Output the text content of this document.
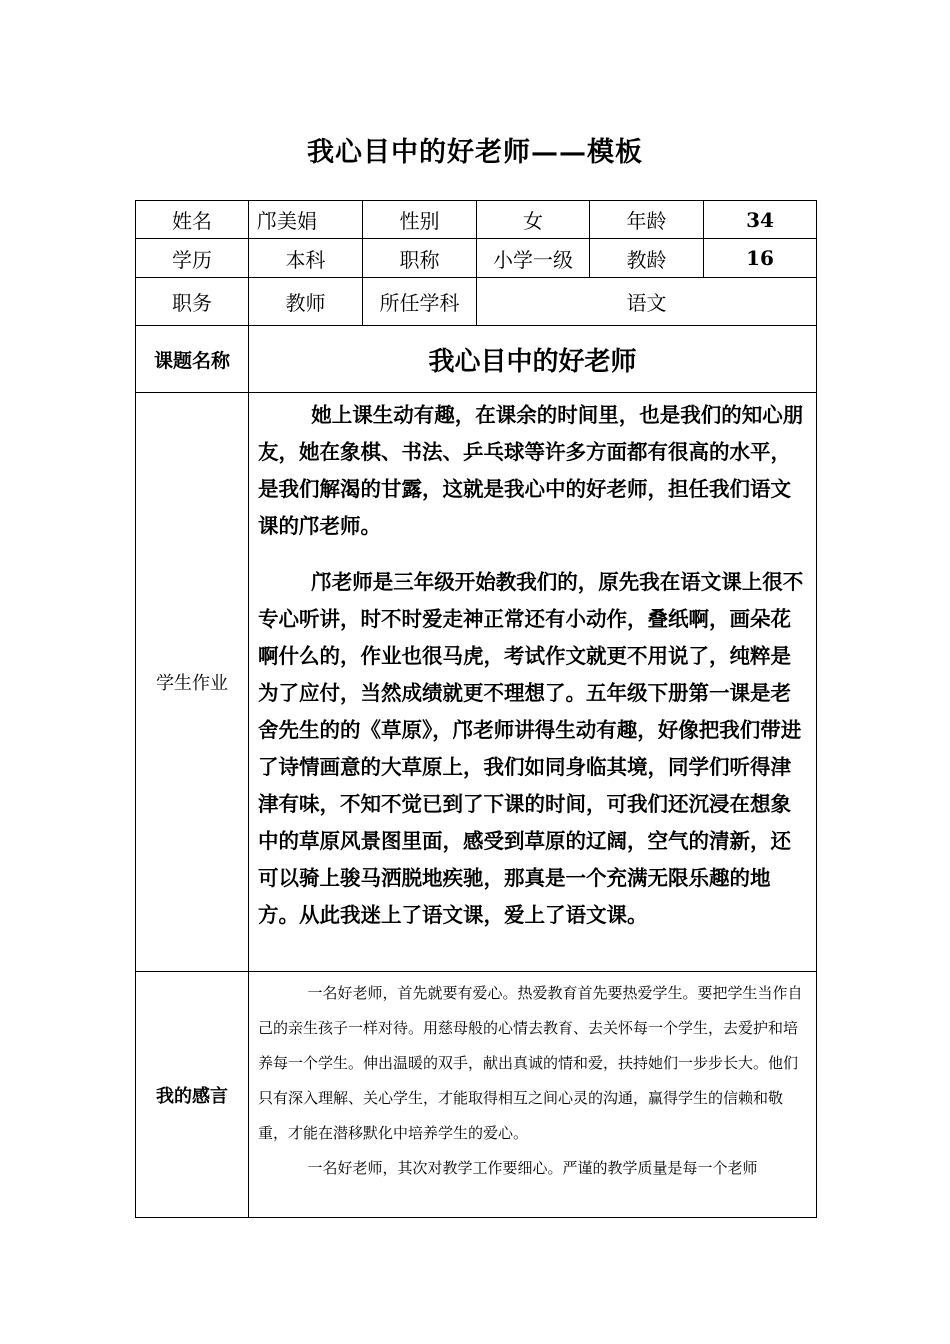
我心目中的好老师——模板
姓名	邝美娟	性别	女	年龄	34
学历	本科	职称	小学一级	教龄	16
职务	教师	所任学科	语文		
课题名称	我心目中的好老师				
学生作业	她上课生动有趣，在课余的时间里，也是我们的知心朋友，她在象棋、书法、乒乓球等许多方面都有很高的水平，是我们解渴的甘露，这就是我心中的好老师，担任我们语文课的邝老师。

邝老师是三年级开始教我们的，原先我在语文课上很不专心听讲，时不时爱走神正常还有小动作，叠纸啊，画朵花啊什么的，作业也很马虎，考试作文就更不用说了，纯粹是为了应付，当然成绩就更不理想了。五年级下册第一课是老舍先生的的《草原》，邝老师讲得生动有趣，好像把我们带进了诗情画意的大草原上，我们如同身临其境，同学们听得津津有味，不知不觉已到了下课的时间，可我们还沉浸在想象中的草原风景图里面，感受到草原的辽阔，空气的清新，还可以骑上骏马洒脱地疾驰，那真是一个充满无限乐趣的地方。从此我迷上了语文课，爱上了语文课。				

我的感言	一名好老师，首先就要有爱心。热爱教育首先要热爱学生。要把学生当作自己的亲生孩子一样对待。用慈母般的心情去教育、去关怀每一个学生，去爱护和培养每一个学生。伸出温暖的双手，献出真诚的情和爱，扶持她们一步步长大。他们只有深入理解、关心学生，才能取得相互之间心灵的沟通，赢得学生的信赖和敬重，才能在潜移默化中培养学生的爱心。

一名好老师，其次对教学工作要细心。严谨的教学质量是每一个老师				
